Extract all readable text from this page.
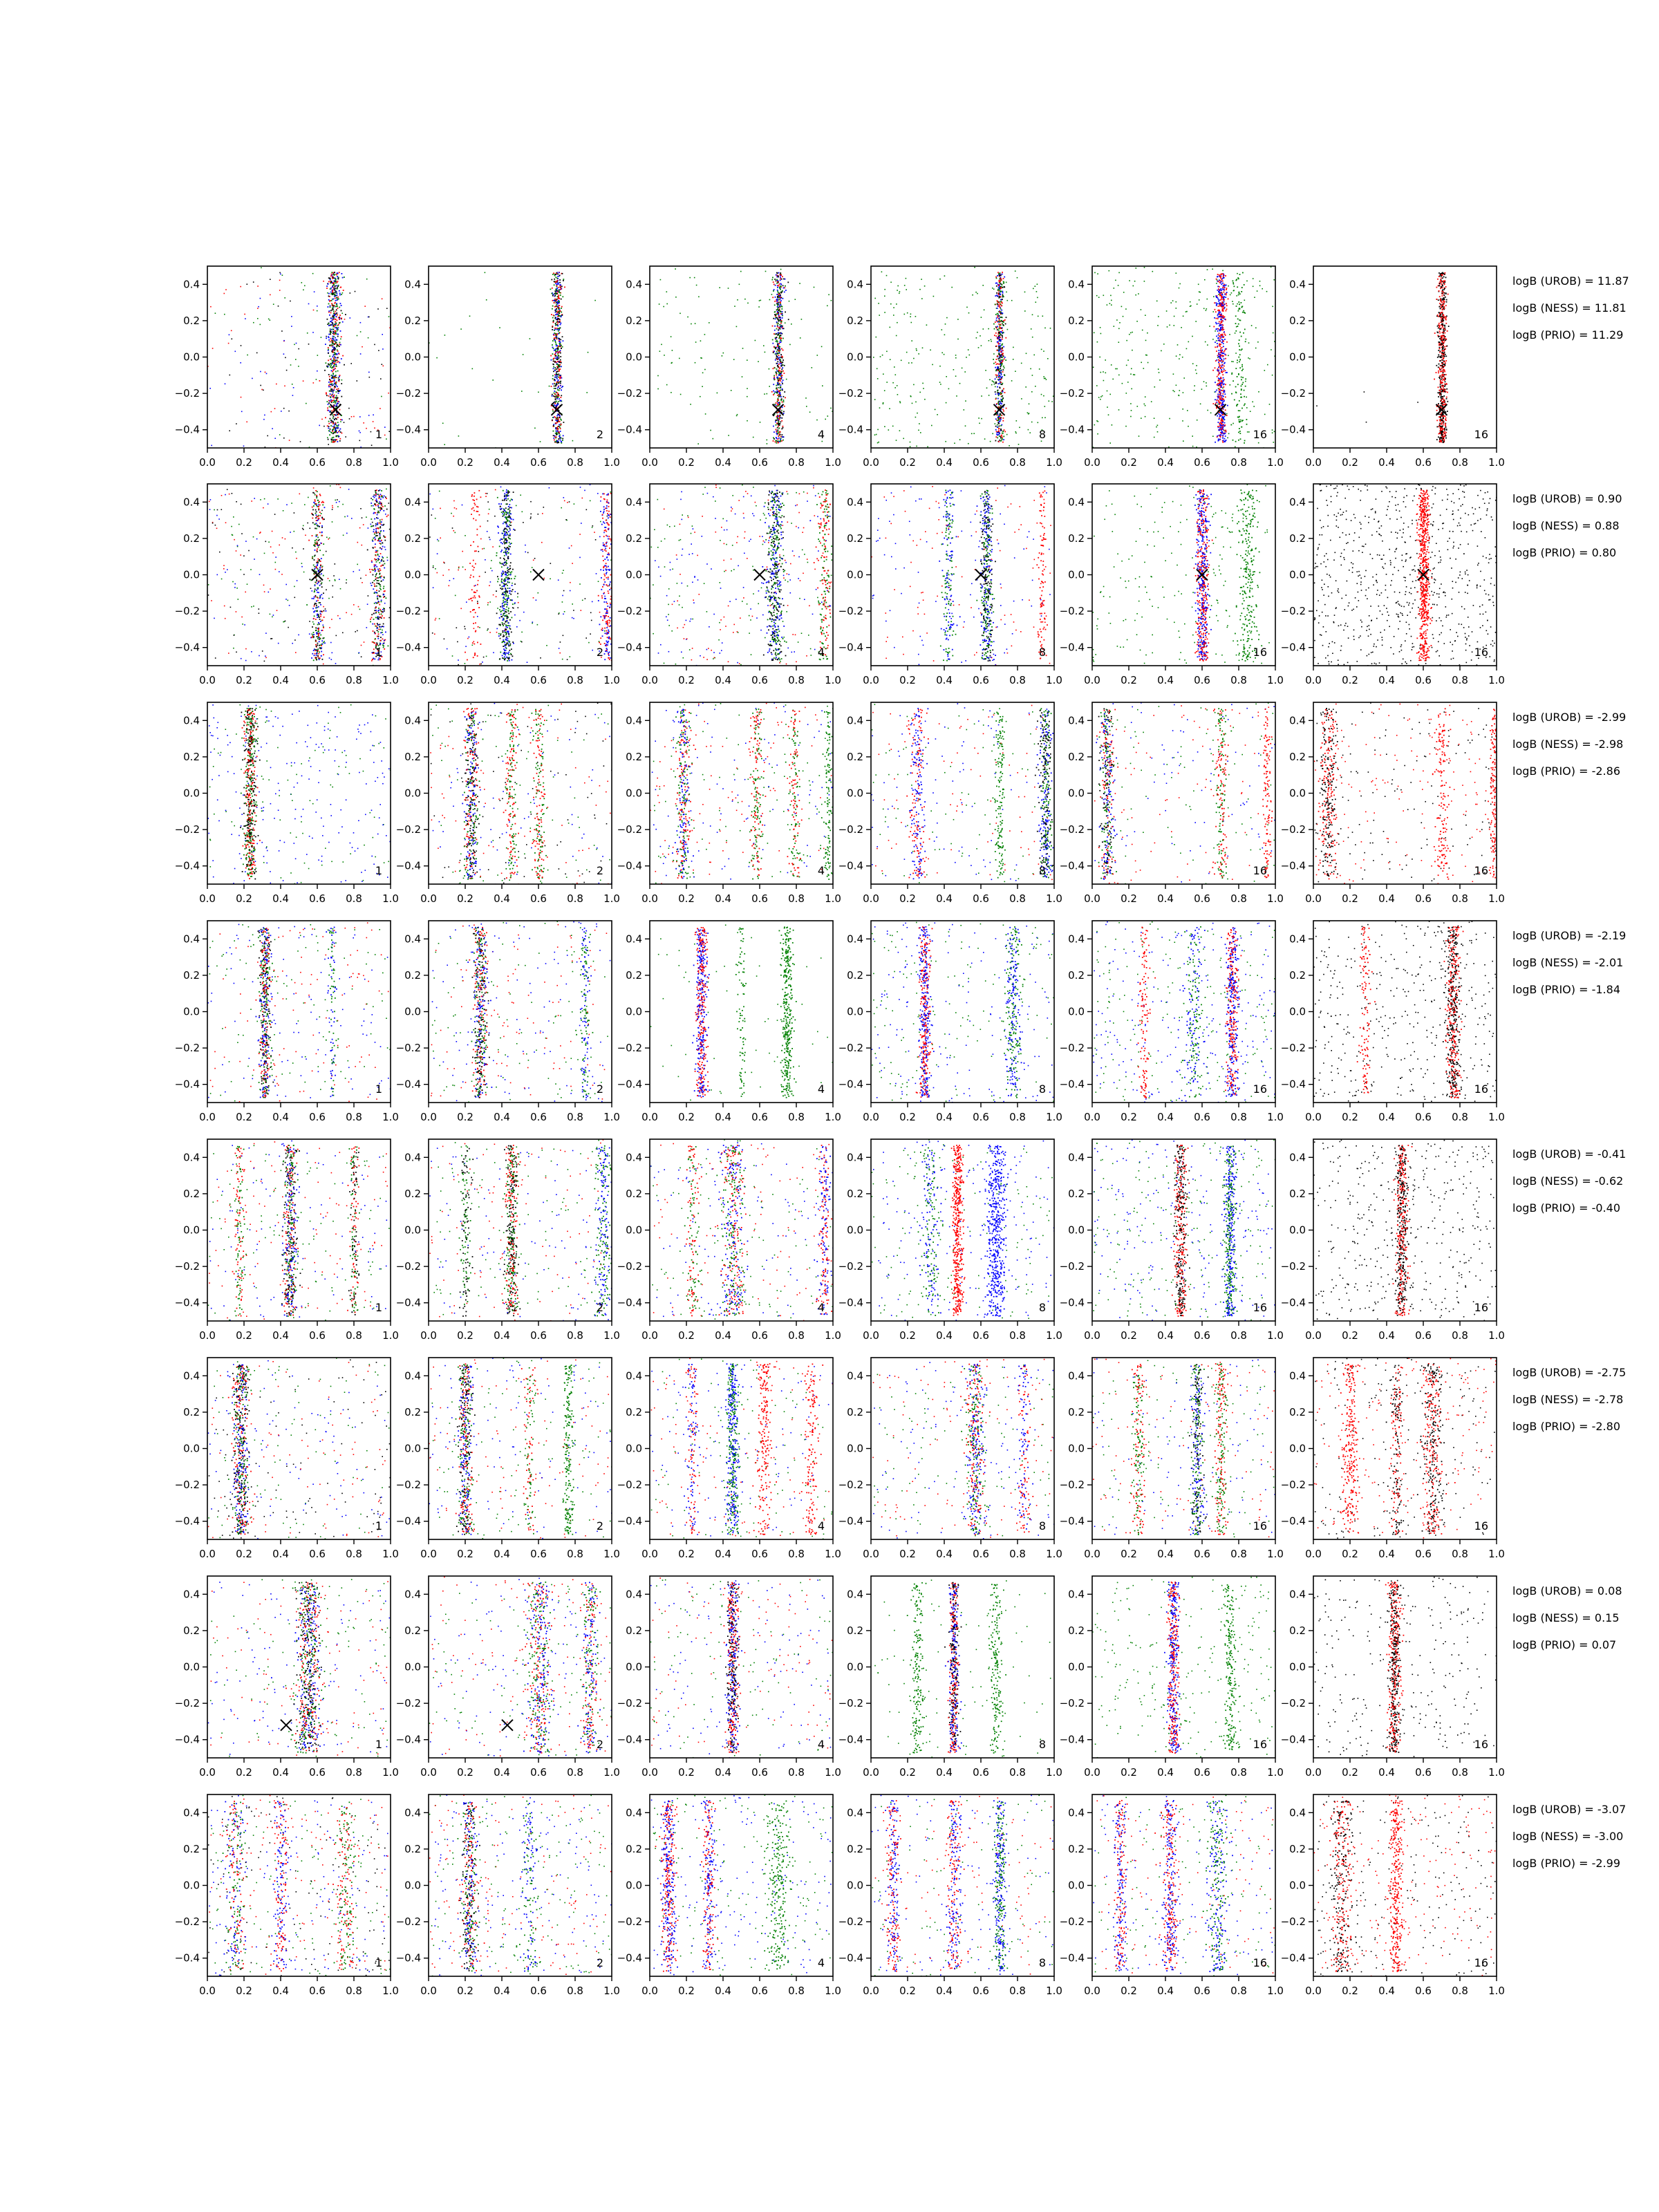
0.0 0.2 0.4 0.6 0.8 1.0
−0.4
−0.2
0.0
0.2
0.4
1
0.0 0.2 0.4 0.6 0.8 1.0
−0.4
−0.2
0.0
0.2
0.4
2
0.0 0.2 0.4 0.6 0.8 1.0
−0.4
−0.2
0.0
0.2
0.4
4
0.0 0.2 0.4 0.6 0.8 1.0
−0.4
−0.2
0.0
0.2
0.4
8
0.0 0.2 0.4 0.6 0.8 1.0
−0.4
−0.2
0.0
0.2
0.4
16
0.0 0.2 0.4 0.6 0.8 1.0
−0.4
−0.2
0.0
0.2
0.4
16
logB (UROB) = 11.87
logB (NESS) = 11.81
logB (PRIO) = 11.29
0.0 0.2 0.4 0.6 0.8 1.0
−0.4
−0.2
0.0
0.2
0.4
1
0.0 0.2 0.4 0.6 0.8 1.0
−0.4
−0.2
0.0
0.2
0.4
2
0.0 0.2 0.4 0.6 0.8 1.0
−0.4
−0.2
0.0
0.2
0.4
4
0.0 0.2 0.4 0.6 0.8 1.0
−0.4
−0.2
0.0
0.2
0.4
8
0.0 0.2 0.4 0.6 0.8 1.0
−0.4
−0.2
0.0
0.2
0.4
16
0.0 0.2 0.4 0.6 0.8 1.0
−0.4
−0.2
0.0
0.2
0.4
16
logB (UROB) = 0.90
logB (NESS) = 0.88
logB (PRIO) = 0.80
0.0 0.2 0.4 0.6 0.8 1.0
−0.4
−0.2
0.0
0.2
0.4
1
0.0 0.2 0.4 0.6 0.8 1.0
−0.4
−0.2
0.0
0.2
0.4
2
0.0 0.2 0.4 0.6 0.8 1.0
−0.4
−0.2
0.0
0.2
0.4
4
0.0 0.2 0.4 0.6 0.8 1.0
−0.4
−0.2
0.0
0.2
0.4
8
0.0 0.2 0.4 0.6 0.8 1.0
−0.4
−0.2
0.0
0.2
0.4
16
0.0 0.2 0.4 0.6 0.8 1.0
−0.4
−0.2
0.0
0.2
0.4
16
logB (UROB) = -2.99
logB (NESS) = -2.98
logB (PRIO) = -2.86
0.0 0.2 0.4 0.6 0.8 1.0
−0.4
−0.2
0.0
0.2
0.4
1
0.0 0.2 0.4 0.6 0.8 1.0
−0.4
−0.2
0.0
0.2
0.4
2
0.0 0.2 0.4 0.6 0.8 1.0
−0.4
−0.2
0.0
0.2
0.4
4
0.0 0.2 0.4 0.6 0.8 1.0
−0.4
−0.2
0.0
0.2
0.4
8
0.0 0.2 0.4 0.6 0.8 1.0
−0.4
−0.2
0.0
0.2
0.4
16
0.0 0.2 0.4 0.6 0.8 1.0
−0.4
−0.2
0.0
0.2
0.4
16
logB (UROB) = -2.19
logB (NESS) = -2.01
logB (PRIO) = -1.84
0.0 0.2 0.4 0.6 0.8 1.0
−0.4
−0.2
0.0
0.2
0.4
1
0.0 0.2 0.4 0.6 0.8 1.0
−0.4
−0.2
0.0
0.2
0.4
2
0.0 0.2 0.4 0.6 0.8 1.0
−0.4
−0.2
0.0
0.2
0.4
4
0.0 0.2 0.4 0.6 0.8 1.0
−0.4
−0.2
0.0
0.2
0.4
8
0.0 0.2 0.4 0.6 0.8 1.0
−0.4
−0.2
0.0
0.2
0.4
16
0.0 0.2 0.4 0.6 0.8 1.0
−0.4
−0.2
0.0
0.2
0.4
16
logB (UROB) = -0.41
logB (NESS) = -0.62
logB (PRIO) = -0.40
0.0 0.2 0.4 0.6 0.8 1.0
−0.4
−0.2
0.0
0.2
0.4
1
0.0 0.2 0.4 0.6 0.8 1.0
−0.4
−0.2
0.0
0.2
0.4
2
0.0 0.2 0.4 0.6 0.8 1.0
−0.4
−0.2
0.0
0.2
0.4
4
0.0 0.2 0.4 0.6 0.8 1.0
−0.4
−0.2
0.0
0.2
0.4
8
0.0 0.2 0.4 0.6 0.8 1.0
−0.4
−0.2
0.0
0.2
0.4
16
0.0 0.2 0.4 0.6 0.8 1.0
−0.4
−0.2
0.0
0.2
0.4
16
logB (UROB) = -2.75
logB (NESS) = -2.78
logB (PRIO) = -2.80
0.0 0.2 0.4 0.6 0.8 1.0
−0.4
−0.2
0.0
0.2
0.4
1
0.0 0.2 0.4 0.6 0.8 1.0
−0.4
−0.2
0.0
0.2
0.4
2
0.0 0.2 0.4 0.6 0.8 1.0
−0.4
−0.2
0.0
0.2
0.4
4
0.0 0.2 0.4 0.6 0.8 1.0
−0.4
−0.2
0.0
0.2
0.4
8
0.0 0.2 0.4 0.6 0.8 1.0
−0.4
−0.2
0.0
0.2
0.4
16
0.0 0.2 0.4 0.6 0.8 1.0
−0.4
−0.2
0.0
0.2
0.4
16
logB (UROB) = 0.08
logB (NESS) = 0.15
logB (PRIO) = 0.07
0.0 0.2 0.4 0.6 0.8 1.0
−0.4
−0.2
0.0
0.2
0.4
1
0.0 0.2 0.4 0.6 0.8 1.0
−0.4
−0.2
0.0
0.2
0.4
2
0.0 0.2 0.4 0.6 0.8 1.0
−0.4
−0.2
0.0
0.2
0.4
4
0.0 0.2 0.4 0.6 0.8 1.0
−0.4
−0.2
0.0
0.2
0.4
8
0.0 0.2 0.4 0.6 0.8 1.0
−0.4
−0.2
0.0
0.2
0.4
16
0.0 0.2 0.4 0.6 0.8 1.0
−0.4
−0.2
0.0
0.2
0.4
16
logB (UROB) = -3.07
logB (NESS) = -3.00
logB (PRIO) = -2.99
